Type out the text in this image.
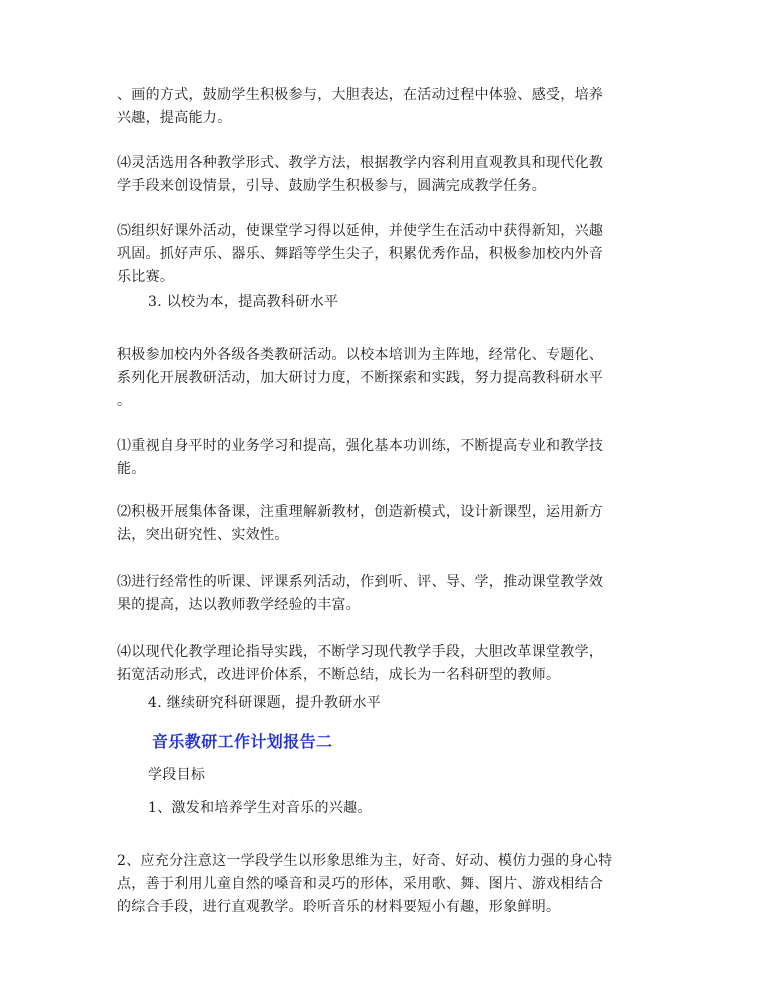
、画的方式，鼓励学生积极参与，大胆表达，在活动过程中体验、感受，培养
兴趣，提高能力。

⑷灵活选用各种教学形式、教学方法，根据教学内容利用直观教具和现代化教
学手段来创设情景，引导、鼓励学生积极参与，圆满完成教学任务。

⑸组织好课外活动，使课堂学习得以延伸，并使学生在活动中获得新知，兴趣
巩固。抓好声乐、器乐、舞蹈等学生尖子，积累优秀作品，积极参加校内外音
乐比赛。

3. 以校为本，提高教科研水平

积极参加校内外各级各类教研活动。以校本培训为主阵地，经常化、专题化、
系列化开展教研活动，加大研讨力度，不断探索和实践，努力提高教科研水平
。

⑴重视自身平时的业务学习和提高，强化基本功训练，不断提高专业和教学技
能。

⑵积极开展集体备课，注重理解新教材，创造新模式，设计新课型，运用新方
法，突出研究性、实效性。

⑶进行经常性的听课、评课系列活动，作到听、评、导、学，推动课堂教学效
果的提高，达以教师教学经验的丰富。

⑷以现代化教学理论指导实践，不断学习现代教学手段，大胆改革课堂教学，
拓宽活动形式，改进评价体系，不断总结，成长为一名科研型的教师。

4. 继续研究科研课题，提升教研水平

音乐教研工作计划报告二

学段目标

1、激发和培养学生对音乐的兴趣。

2、应充分注意这一学段学生以形象思维为主，好奇、好动、模仿力强的身心特
点，善于利用儿童自然的嗓音和灵巧的形体，采用歌、舞、图片、游戏相结合
的综合手段，进行直观教学。聆听音乐的材料要短小有趣，形象鲜明。
